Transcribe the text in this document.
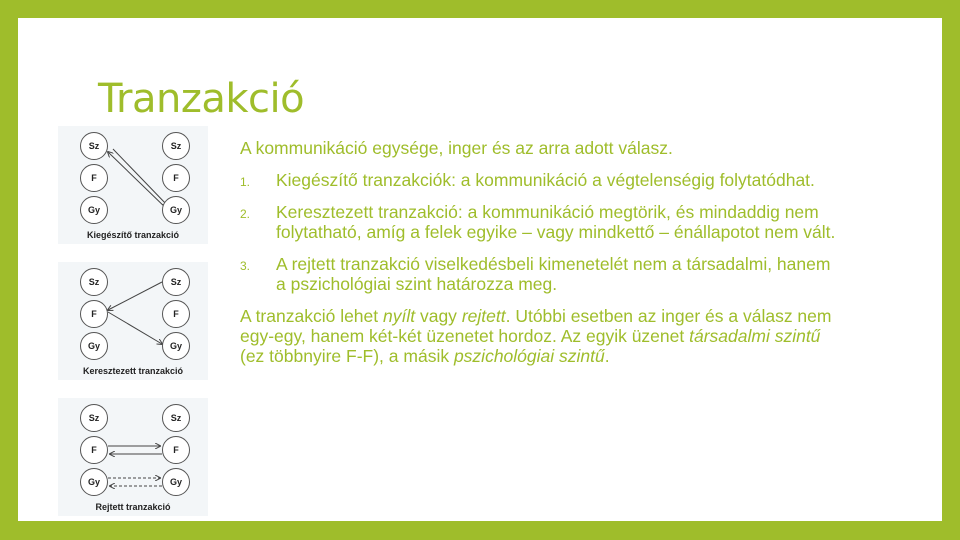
Tranzakció
Sz
F
Gy
Sz
F
Gy
Kiegészítő tranzakció
Sz
F
Gy
Sz
F
Gy
Keresztezett tranzakció
Sz
F
Gy
Sz
F
Gy
Rejtett tranzakció

A kommunikáció egysége, inger és az arra adott válasz.

1. Kiegészítő tranzakciók: a kommunikáció a végtelenségig folytatódhat.
2. Keresztezett tranzakció: a kommunikáció megtörik, és mindaddig nem folytatható, amíg a felek egyike – vagy mindkettő – énállapotot nem vált.
3. A rejtett tranzakció viselkedésbeli kimenetelét nem a társadalmi, hanem a pszichológiai szint határozza meg.

A tranzakció lehet nyílt vagy rejtett. Utóbbi esetben az inger és a válasz nem egy-egy, hanem két-két üzenetet hordoz. Az egyik üzenet társadalmi szintű (ez többnyire F-F), a másik pszichológiai szintű.
